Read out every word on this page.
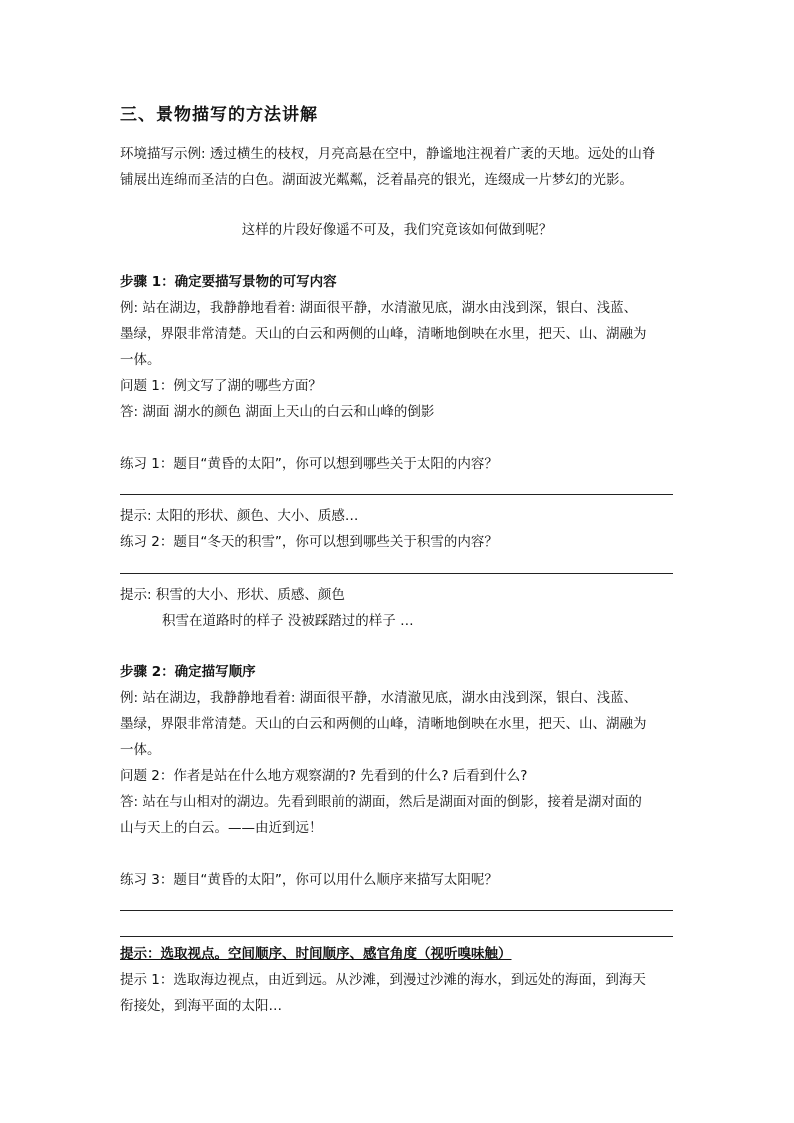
三、景物描写的方法讲解
环境描写示例: 透过横生的枝杈，月亮高悬在空中，静谧地注视着广袤的天地。远处的山脊
铺展出连绵而圣洁的白色。湖面波光粼粼，泛着晶亮的银光，连缀成一片梦幻的光影。
这样的片段好像遥不可及，我们究竟该如何做到呢？
步骤 1：确定要描写景物的可写内容
例: 站在湖边，我静静地看着: 湖面很平静，水清澈见底，湖水由浅到深，银白、浅蓝、
墨绿，界限非常清楚。天山的白云和两侧的山峰，清晰地倒映在水里，把天、山、湖融为
一体。
问题 1：例文写了湖的哪些方面？
答: 湖面 湖水的颜色 湖面上天山的白云和山峰的倒影
练习 1：题目“黄昏的太阳”，你可以想到哪些关于太阳的内容？
提示: 太阳的形状、颜色、大小、质感…
练习 2：题目“冬天的积雪”，你可以想到哪些关于积雪的内容？
提示: 积雪的大小、形状、质感、颜色
积雪在道路时的样子 没被踩踏过的样子 …
步骤 2：确定描写顺序
例: 站在湖边，我静静地看着: 湖面很平静，水清澈见底，湖水由浅到深，银白、浅蓝、
墨绿，界限非常清楚。天山的白云和两侧的山峰，清晰地倒映在水里，把天、山、湖融为
一体。
问题 2：作者是站在什么地方观察湖的? 先看到的什么? 后看到什么?
答: 站在与山相对的湖边。先看到眼前的湖面，然后是湖面对面的倒影，接着是湖对面的
山与天上的白云。——由近到远！
练习 3：题目“黄昏的太阳”，你可以用什么顺序来描写太阳呢？
提示：选取视点。空间顺序、时间顺序、感官角度（视听嗅味触）
提示 1：选取海边视点，由近到远。从沙滩，到漫过沙滩的海水，到远处的海面，到海天
衔接处，到海平面的太阳…
